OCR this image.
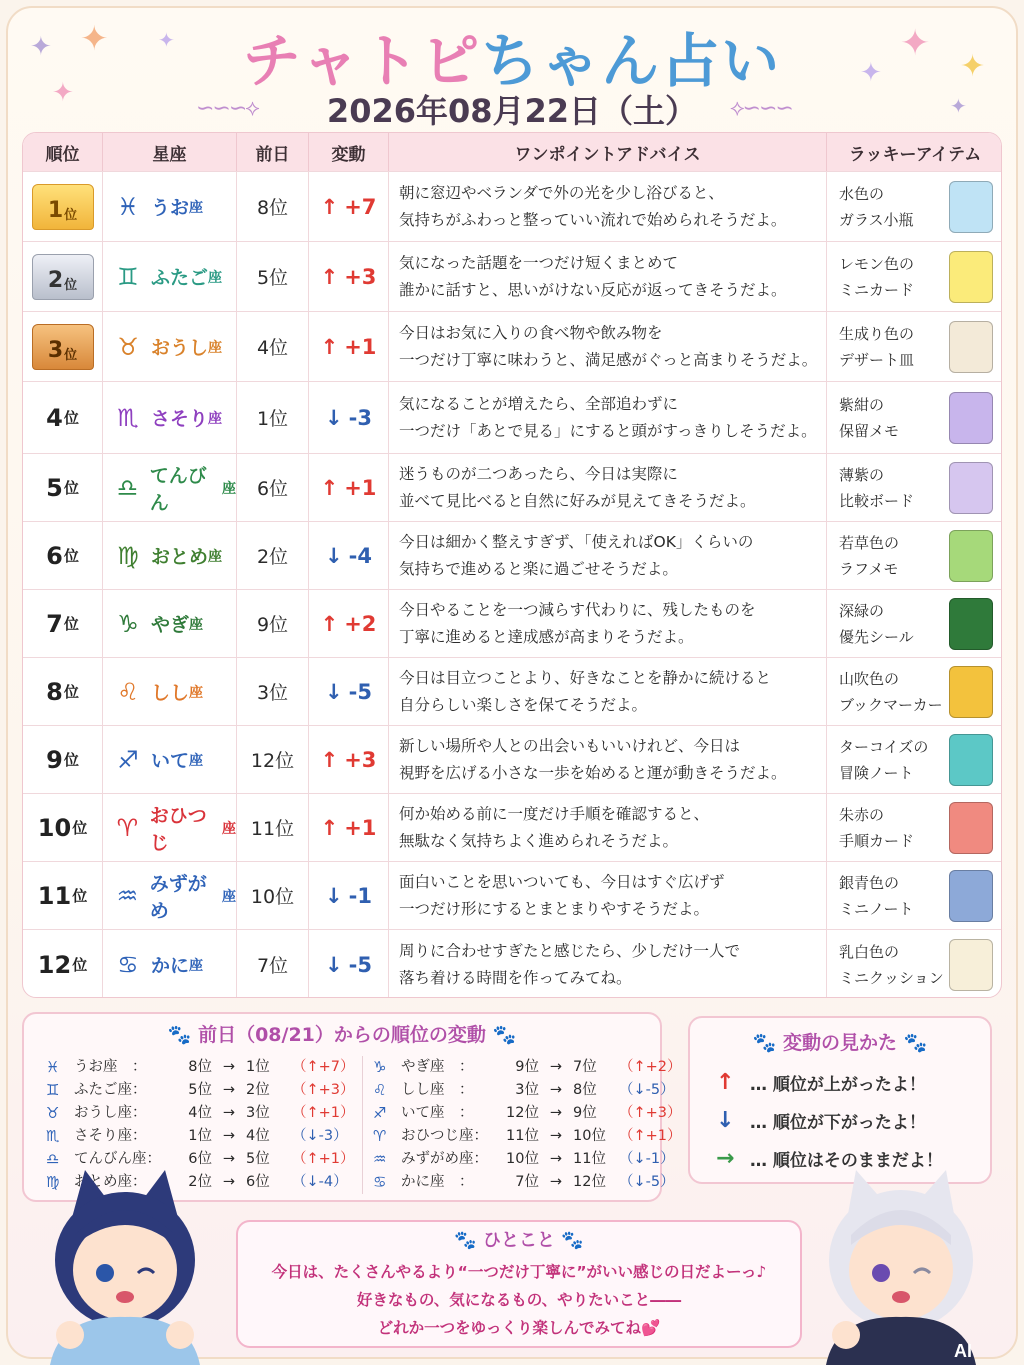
✦ ✦
✦
✦	✦
✦
✦
✦
チャトピちゃん占い
∽∽∽⟡	⟡∽∽∽
2026年08月22日（土）
順位	星座	前日	変動	ワンポイントアドバイス	ラッキーアイテム
1 位 ♓ うお 座	8位	↑ +7
朝に窓辺やベランダで外の光を少し浴びると、
気持ちがふわっと整っていい流れで始められそうだよ。
水色の
ガラス小瓶
2 位 ♊ ふたご 座	5位	↑ +3
気になった話題を一つだけ短くまとめて
誰かに話すと、思いがけない反応が返ってきそうだよ。
レモン色の
ミニカード
3 位 ♉ おうし 座	4位	↑ +1
今日はお気に入りの食べ物や飲み物を
一つだけ丁寧に味わうと、満足感がぐっと高まりそうだよ。
生成り色の
デザート皿
4 位 ♏ さそり 座	1位	↓ -3
気になることが増えたら、全部追わずに
一つだけ「あとで見る」にすると頭がすっきりしそうだよ。
紫紺の
保留メモ
5 位 ♎ てんびん
座	6位	↑ +1
迷うものが二つあったら、今日は実際に
並べて見比べると自然に好みが見えてきそうだよ。
薄紫の
比較ボード
6 位 ♍ おとめ 座	2位	↓ -4
今日は細かく整えすぎず、「使えればOK」くらいの
気持ちで進めると楽に過ごせそうだよ。
若草色の
ラフメモ
7 位 ♑ やぎ 座	9位	↑ +2
今日やることを一つ減らす代わりに、残したものを
丁寧に進めると達成感が高まりそうだよ。
深緑の
優先シール
8 位 ♌ しし 座	3位	↓ -5
今日は目立つことより、好きなことを静かに続けると
自分らしい楽しさを保てそうだよ。
山吹色の
ブックマーカー
9 位 ♐ いて 座	12位	↑ +3
新しい場所や人との出会いもいいけれど、今日は
視野を広げる小さな一歩を始めると運が動きそうだよ。
ターコイズの
冒険ノート
10 位 ♈ おひつじ
座 11位	↑ +1
何か始める前に一度だけ手順を確認すると、
無駄なく気持ちよく進められそうだよ。
朱赤の
手順カード
11 位 ♒ みずがめ
座 10位	↓ -1
面白いことを思いついても、今日はすぐ広げず
一つだけ形にするとまとまりやすそうだよ。
銀青色の
ミニノート
12 位 ♋ かに 座	7位	↓ -5
周りに合わせすぎたと感じたら、少しだけ一人で
落ち着ける時間を作ってみてね。
乳白色の
ミニクッション
🐾 前日（08/21）からの順位の変動 🐾
♓	うお座　：	8位 → 1位	（↑+7）
♊	ふたご座：	5位 → 2位	（↑+3）
♉	おうし座：	4位 → 3位	（↑+1）
♏	さそり座：	1位 → 4位	（↓-3）
♎	てんびん座：	6位 → 5位	（↑+1）
♍	おとめ座：	2位 → 6位	（↓-4）
♑	やぎ座　：	9位 → 7位	（↑+2）
♌	しし座　：	3位 → 8位	（↓-5）
♐	いて座　：	12位 → 9位	（↑+3）
♈	おひつじ座：	11位 → 10位 （↑+1）
♒	みずがめ座：	10位 → 11位 （↓-1）
♋	かに座　：	7位 → 12位 （↓-5）
🐾 変動の見かた 🐾
↑ … 順位が上がったよ！
↓ … 順位が下がったよ！
→ … 順位はそのままだよ！
🐾 ひとこと 🐾
今日は、たくさんやるより“一つだけ丁寧に”がいい感じの日だよーっ♪
好きなもの、気になるもの、やりたいこと――
どれか一つをゆっくり楽しんでみてね💕
AI
